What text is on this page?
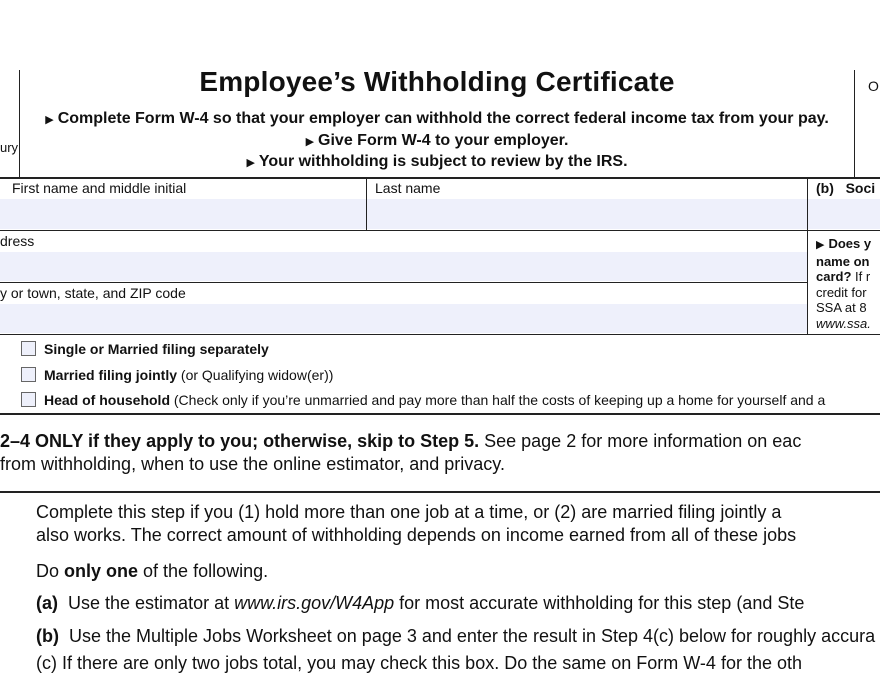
ury
O
Employee’s Withholding Certificate
▶ Complete Form W-4 so that your employer can withhold the correct federal income tax from your pay.
▶ Give Form W-4 to your employer.
▶ Your withholding is subject to review by the IRS.
First name and middle initial	Last name	(b) Soci
dress
y or town, state, and ZIP code
▶ Does y
name on
card? If r
credit for
SSA at 8
www.ssa.
Single or Married filing separately
Married filing jointly (or Qualifying widow(er))
Head of household (Check only if you’re unmarried and pay more than half the costs of keeping up a home for yourself and a
2–4 ONLY if they apply to you; otherwise, skip to Step 5. See page 2 for more information on eac
from withholding, when to use the online estimator, and privacy.
Complete this step if you (1) hold more than one job at a time, or (2) are married filing jointly a
also works. The correct amount of withholding depends on income earned from all of these jobs
Do only one of the following.
(a) Use the estimator at www.irs.gov/W4App for most accurate withholding for this step (and Ste
(b) Use the Multiple Jobs Worksheet on page 3 and enter the result in Step 4(c) below for roughly accura
(c) If there are only two jobs total, you may check this box. Do the same on Form W-4 for the oth
